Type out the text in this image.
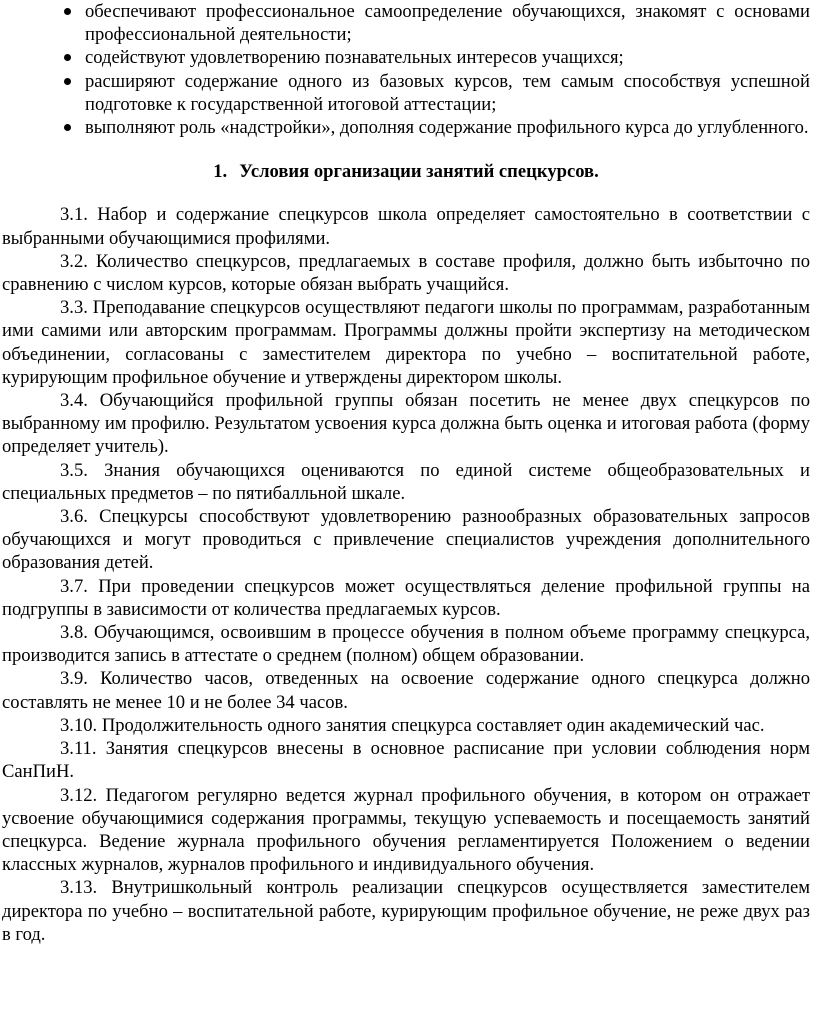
обеспечивают профессиональное самоопределение обучающихся, знакомят с основами профессиональной деятельности;
содействуют удовлетворению познавательных интересов учащихся;
расширяют содержание одного из базовых курсов, тем самым способствуя успешной подготовке к государственной итоговой аттестации;
выполняют роль «надстройки», дополняя содержание профильного курса до углубленного.
1. Условия организации занятий спецкурсов.

3.1. Набор и содержание спецкурсов школа определяет самостоятельно в соответствии с выбранными обучающимися профилями.

3.2. Количество спецкурсов, предлагаемых в составе профиля, должно быть избыточно по сравнению с числом курсов, которые обязан выбрать учащийся.

3.3. Преподавание спецкурсов осуществляют педагоги школы по программам, разработанным ими самими или авторским программам. Программы должны пройти экспертизу на методическом объединении, согласованы с заместителем директора по учебно – воспитательной работе, курирующим профильное обучение и утверждены директором школы.

3.4. Обучающийся профильной группы обязан посетить не менее двух спецкурсов по выбранному им профилю. Результатом усвоения курса должна быть оценка и итоговая работа (форму определяет учитель).

3.5. Знания обучающихся оцениваются по единой системе общеобразовательных и специальных предметов – по пятибалльной шкале.

3.6. Спецкурсы способствуют удовлетворению разнообразных образовательных запросов обучающихся и могут проводиться с привлечение специалистов учреждения дополнительного образования детей.

3.7. При проведении спецкурсов может осуществляться деление профильной группы на подгруппы в зависимости от количества предлагаемых курсов.

3.8. Обучающимся, освоившим в процессе обучения в полном объеме программу спецкурса, производится запись в аттестате о среднем (полном) общем образовании.

3.9. Количество часов, отведенных на освоение содержание одного спецкурса должно составлять не менее 10 и не более 34 часов.

3.10. Продолжительность одного занятия спецкурса составляет один академический час.

3.11. Занятия спецкурсов внесены в основное расписание при условии соблюдения норм СанПиН.

3.12. Педагогом регулярно ведется журнал профильного обучения, в котором он отражает усвоение обучающимися содержания программы, текущую успеваемость и посещаемость занятий спецкурса. Ведение журнала профильного обучения регламентируется Положением о ведении классных журналов, журналов профильного и индивидуального обучения.

3.13. Внутришкольный контроль реализации спецкурсов осуществляется заместителем директора по учебно – воспитательной работе, курирующим профильное обучение, не реже двух раз в год.
